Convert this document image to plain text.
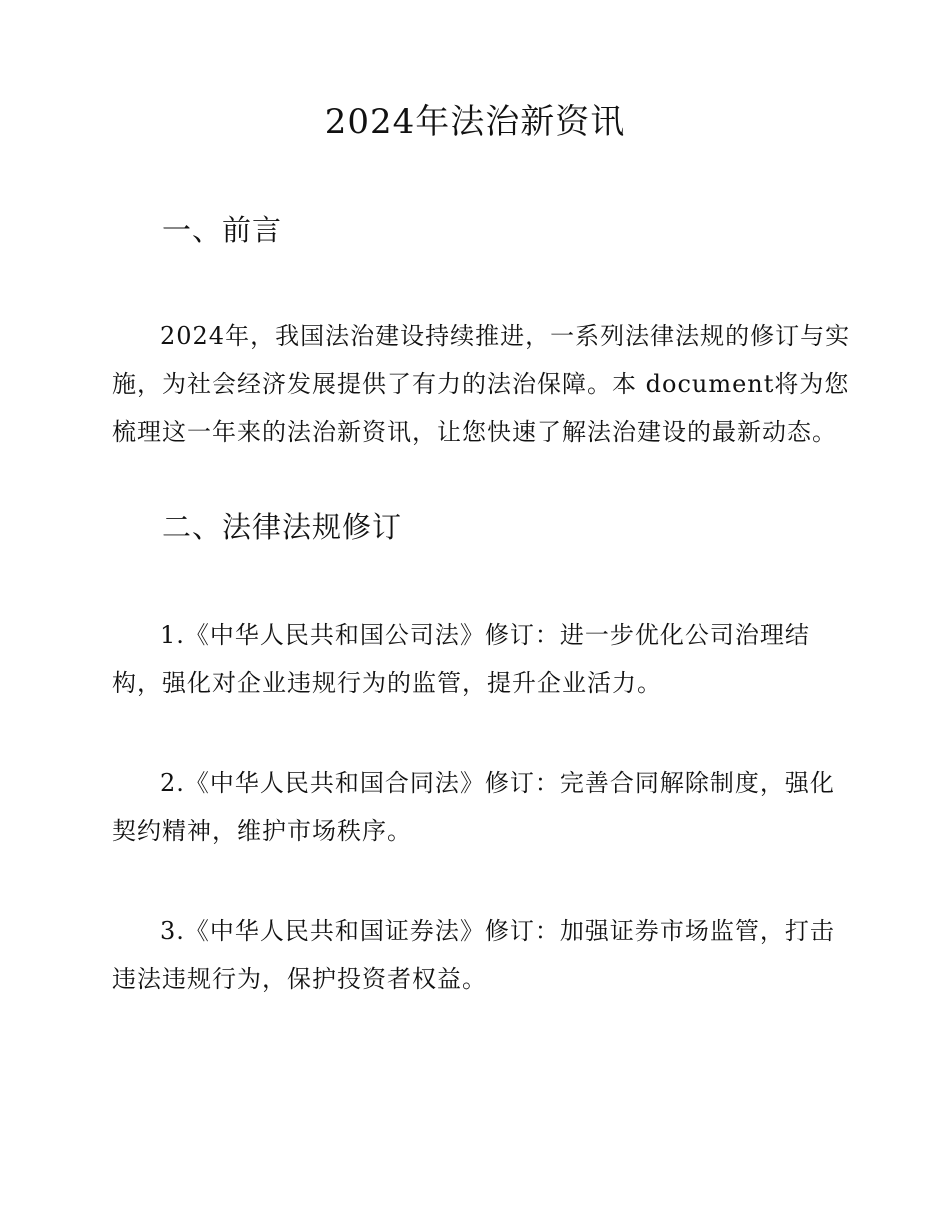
2024年法治新资讯
一、前言
2024年，我国法治建设持续推进，一系列法律法规的修订与实施，为社会经济发展提供了有力的法治保障。本 document将为您梳理这一年来的法治新资讯，让您快速了解法治建设的最新动态。
二、法律法规修订
1.《中华人民共和国公司法》修订：进一步优化公司治理结构，强化对企业违规行为的监管，提升企业活力。
2.《中华人民共和国合同法》修订：完善合同解除制度，强化契约精神，维护市场秩序。
3.《中华人民共和国证券法》修订：加强证券市场监管，打击违法违规行为，保护投资者权益。
